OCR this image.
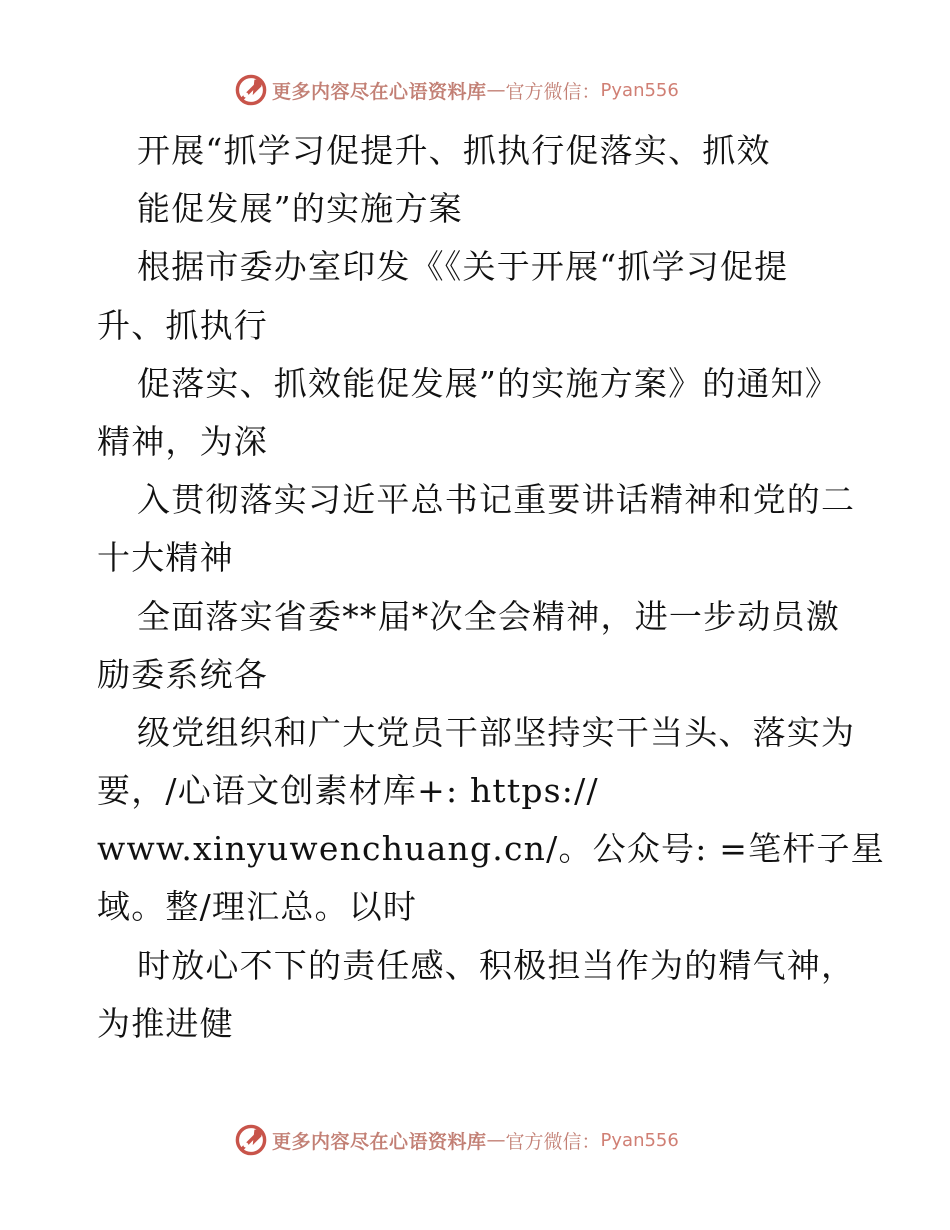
更多内容尽在心语资料库 — 官方微信： Pyan556
开展“抓学习促提升、抓执行促落实、抓效
能促发展”的实施方案
根据市委办室印发《《关于开展“抓学习促提
升、抓执行
促落实、抓效能促发展”的实施方案》的通知》
精神，为深
入贯彻落实习近平总书记重要讲话精神和党的二
十大精神
全面落实省委**届*次全会精神，进一步动员激
励委系统各
级党组织和广大党员干部坚持实干当头、落实为
要，/心语文创素材库+: https://
www.xinyuwenchuang.cn/。公众号: =笔杆子星
域。整/理汇总。以时
时放心不下的责任感、积极担当作为的精气神，
为推进健
更多内容尽在心语资料库 — 官方微信： Pyan556
